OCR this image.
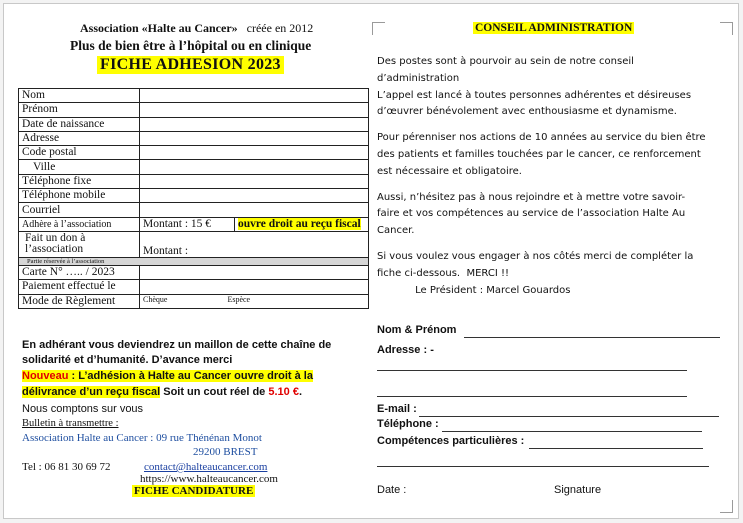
Association «Halte au Cancer» créée en 2012
Plus de bien être à l’hôpital ou en clinique
FICHE ADHESION 2023
Nom		
Prénom		
Date de naissance		
Adresse		
Code postal		
Ville		
Téléphone fixe		
Téléphone mobile		
Courriel		
Adhère à l’association	Montant : 15 €	ouvre droit au reçu fiscal
Fait un don à l’association	Montant :	
Partie réservée à l’association		
Carte N° ….. / 2023		
Paiement effectué le		
Mode de Règlement	Chèque Espèce	
En adhérant vous deviendrez un maillon de cette chaîne de
solidarité et d’humanité. D’avance merci
Nouveau : L’adhésion à Halte au Cancer ouvre droit à la
délivrance d’un reçu fiscal Soit un cout réel de 5.10 €.
Nous comptons sur vous
Bulletin à transmettre :
Association Halte au Cancer : 09 rue Thénénan Monot
29200 BREST
Tel : 06 81 30 69 72	contact@halteaucancer.com
https://www.halteaucancer.com
FICHE CANDIDATURE
CONSEIL ADMINISTRATION
Des postes sont à pourvoir au sein de notre conseil
d’administration
L’appel est lancé à toutes personnes adhérentes et désireuses
d’œuvrer bénévolement avec enthousiasme et dynamisme.
Pour pérenniser nos actions de 10 années au service du bien être
des patients et familles touchées par le cancer, ce renforcement
est nécessaire et obligatoire.
Aussi, n’hésitez pas à nous rejoindre et à mettre votre savoir-
faire et vos compétences au service de l’association Halte Au
Cancer.
Si vous voulez vous engager à nos côtés merci de compléter la
fiche ci-dessous.  MERCI !!
Le Président : Marcel Gouardos
Nom & Prénom
Adresse : -
E-mail :
Téléphone :
Compétences particulières :
Date :	Signature
